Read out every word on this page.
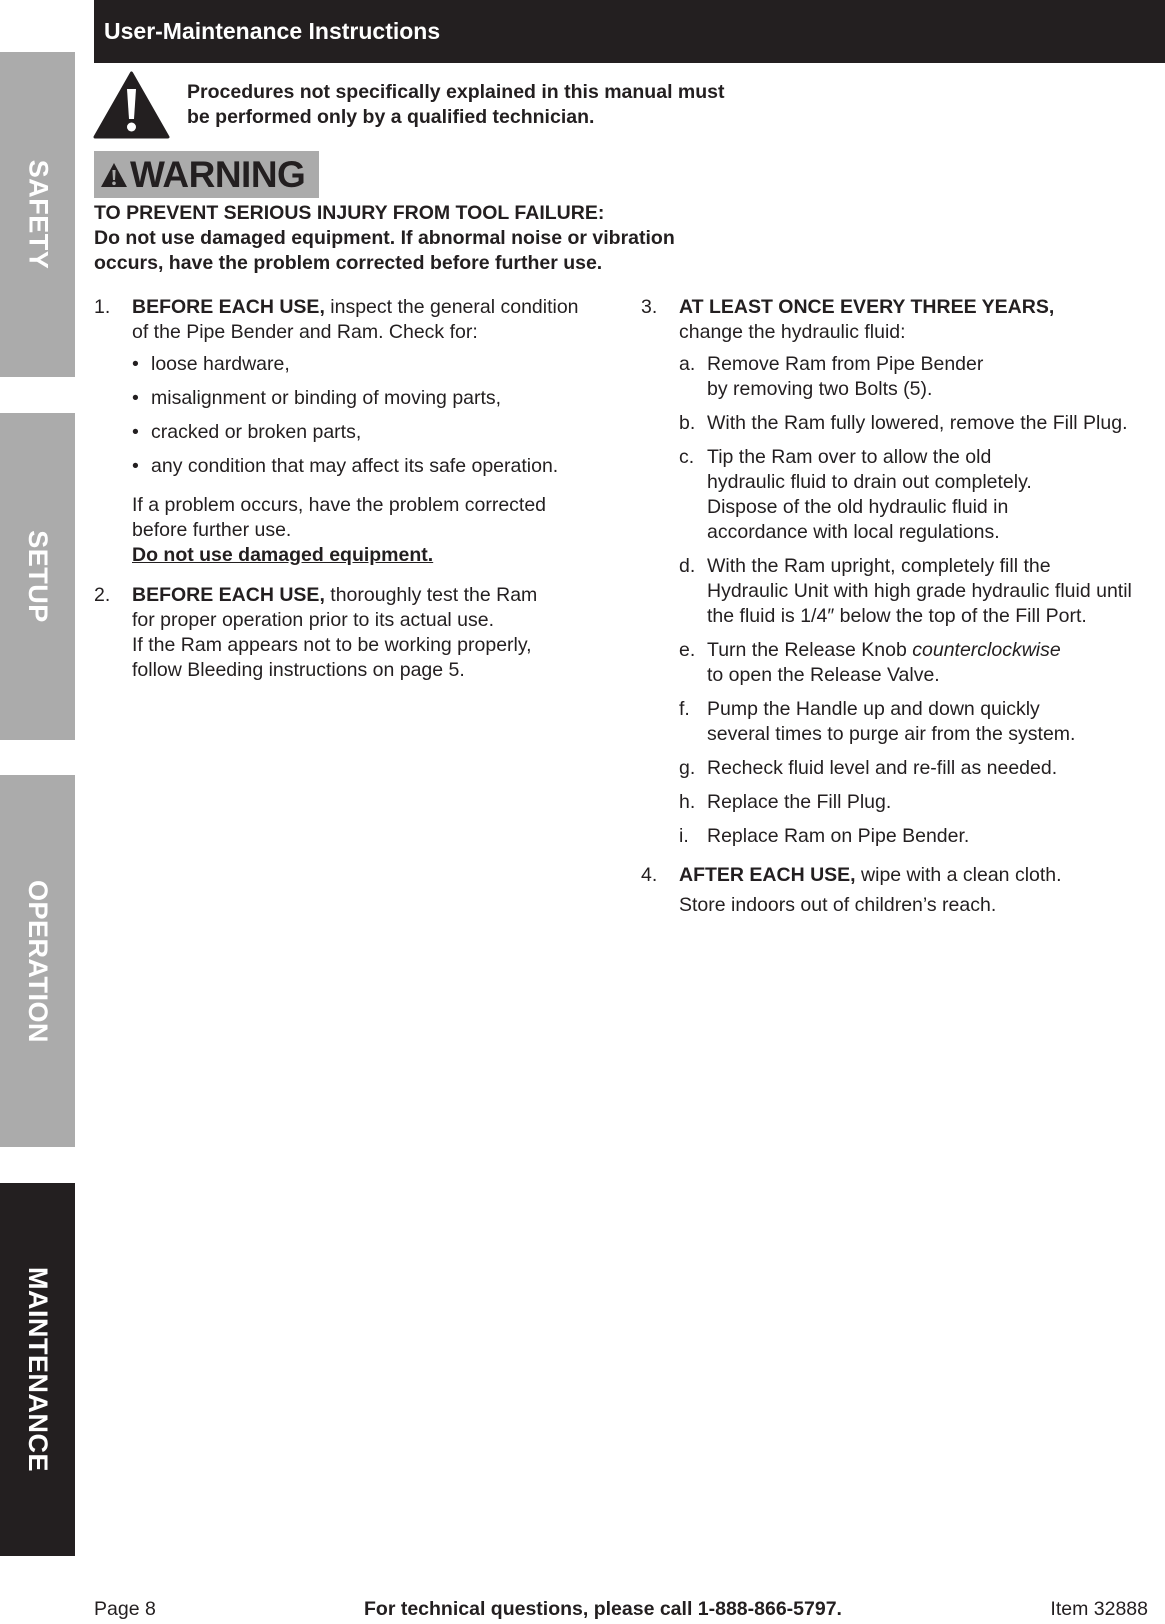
SAFETY
SETUP
OPERATION
MAINTENANCE
User-Maintenance Instructions
Procedures not specifically explained in this manual must
be performed only by a qualified technician.
WARNING
TO PREVENT SERIOUS INJURY FROM TOOL FAILURE:
Do not use damaged equipment. If abnormal noise or vibration
occurs, have the problem corrected before further use.
1. BEFORE EACH USE, inspect the general condition
of the Pipe Bender and Ram. Check for:
• loose hardware,
• misalignment or binding of moving parts,
• cracked or broken parts,
• any condition that may affect its safe operation.
If a problem occurs, have the problem corrected
before further use.
Do not use damaged equipment.
2. BEFORE EACH USE, thoroughly test the Ram
for proper operation prior to its actual use.
If the Ram appears not to be working properly,
follow Bleeding instructions on page 5.
3. AT LEAST ONCE EVERY THREE YEARS,
change the hydraulic fluid:
a. Remove Ram from Pipe Bender
by removing two Bolts (5).
b. With the Ram fully lowered, remove the Fill Plug.
c. Tip the Ram over to allow the old
hydraulic fluid to drain out completely.
Dispose of the old hydraulic fluid in
accordance with local regulations.
d. With the Ram upright, completely fill the
Hydraulic Unit with high grade hydraulic fluid until
the fluid is 1/4″ below the top of the Fill Port.
e. Turn the Release Knob counterclockwise
to open the Release Valve.
f. Pump the Handle up and down quickly
several times to purge air from the system.
g. Recheck fluid level and re-fill as needed.
h. Replace the Fill Plug.
i. Replace Ram on Pipe Bender.
4. AFTER EACH USE, wipe with a clean cloth.
Store indoors out of children’s reach.
Page 8	For technical questions, please call 1-888-866-5797.	Item 32888
